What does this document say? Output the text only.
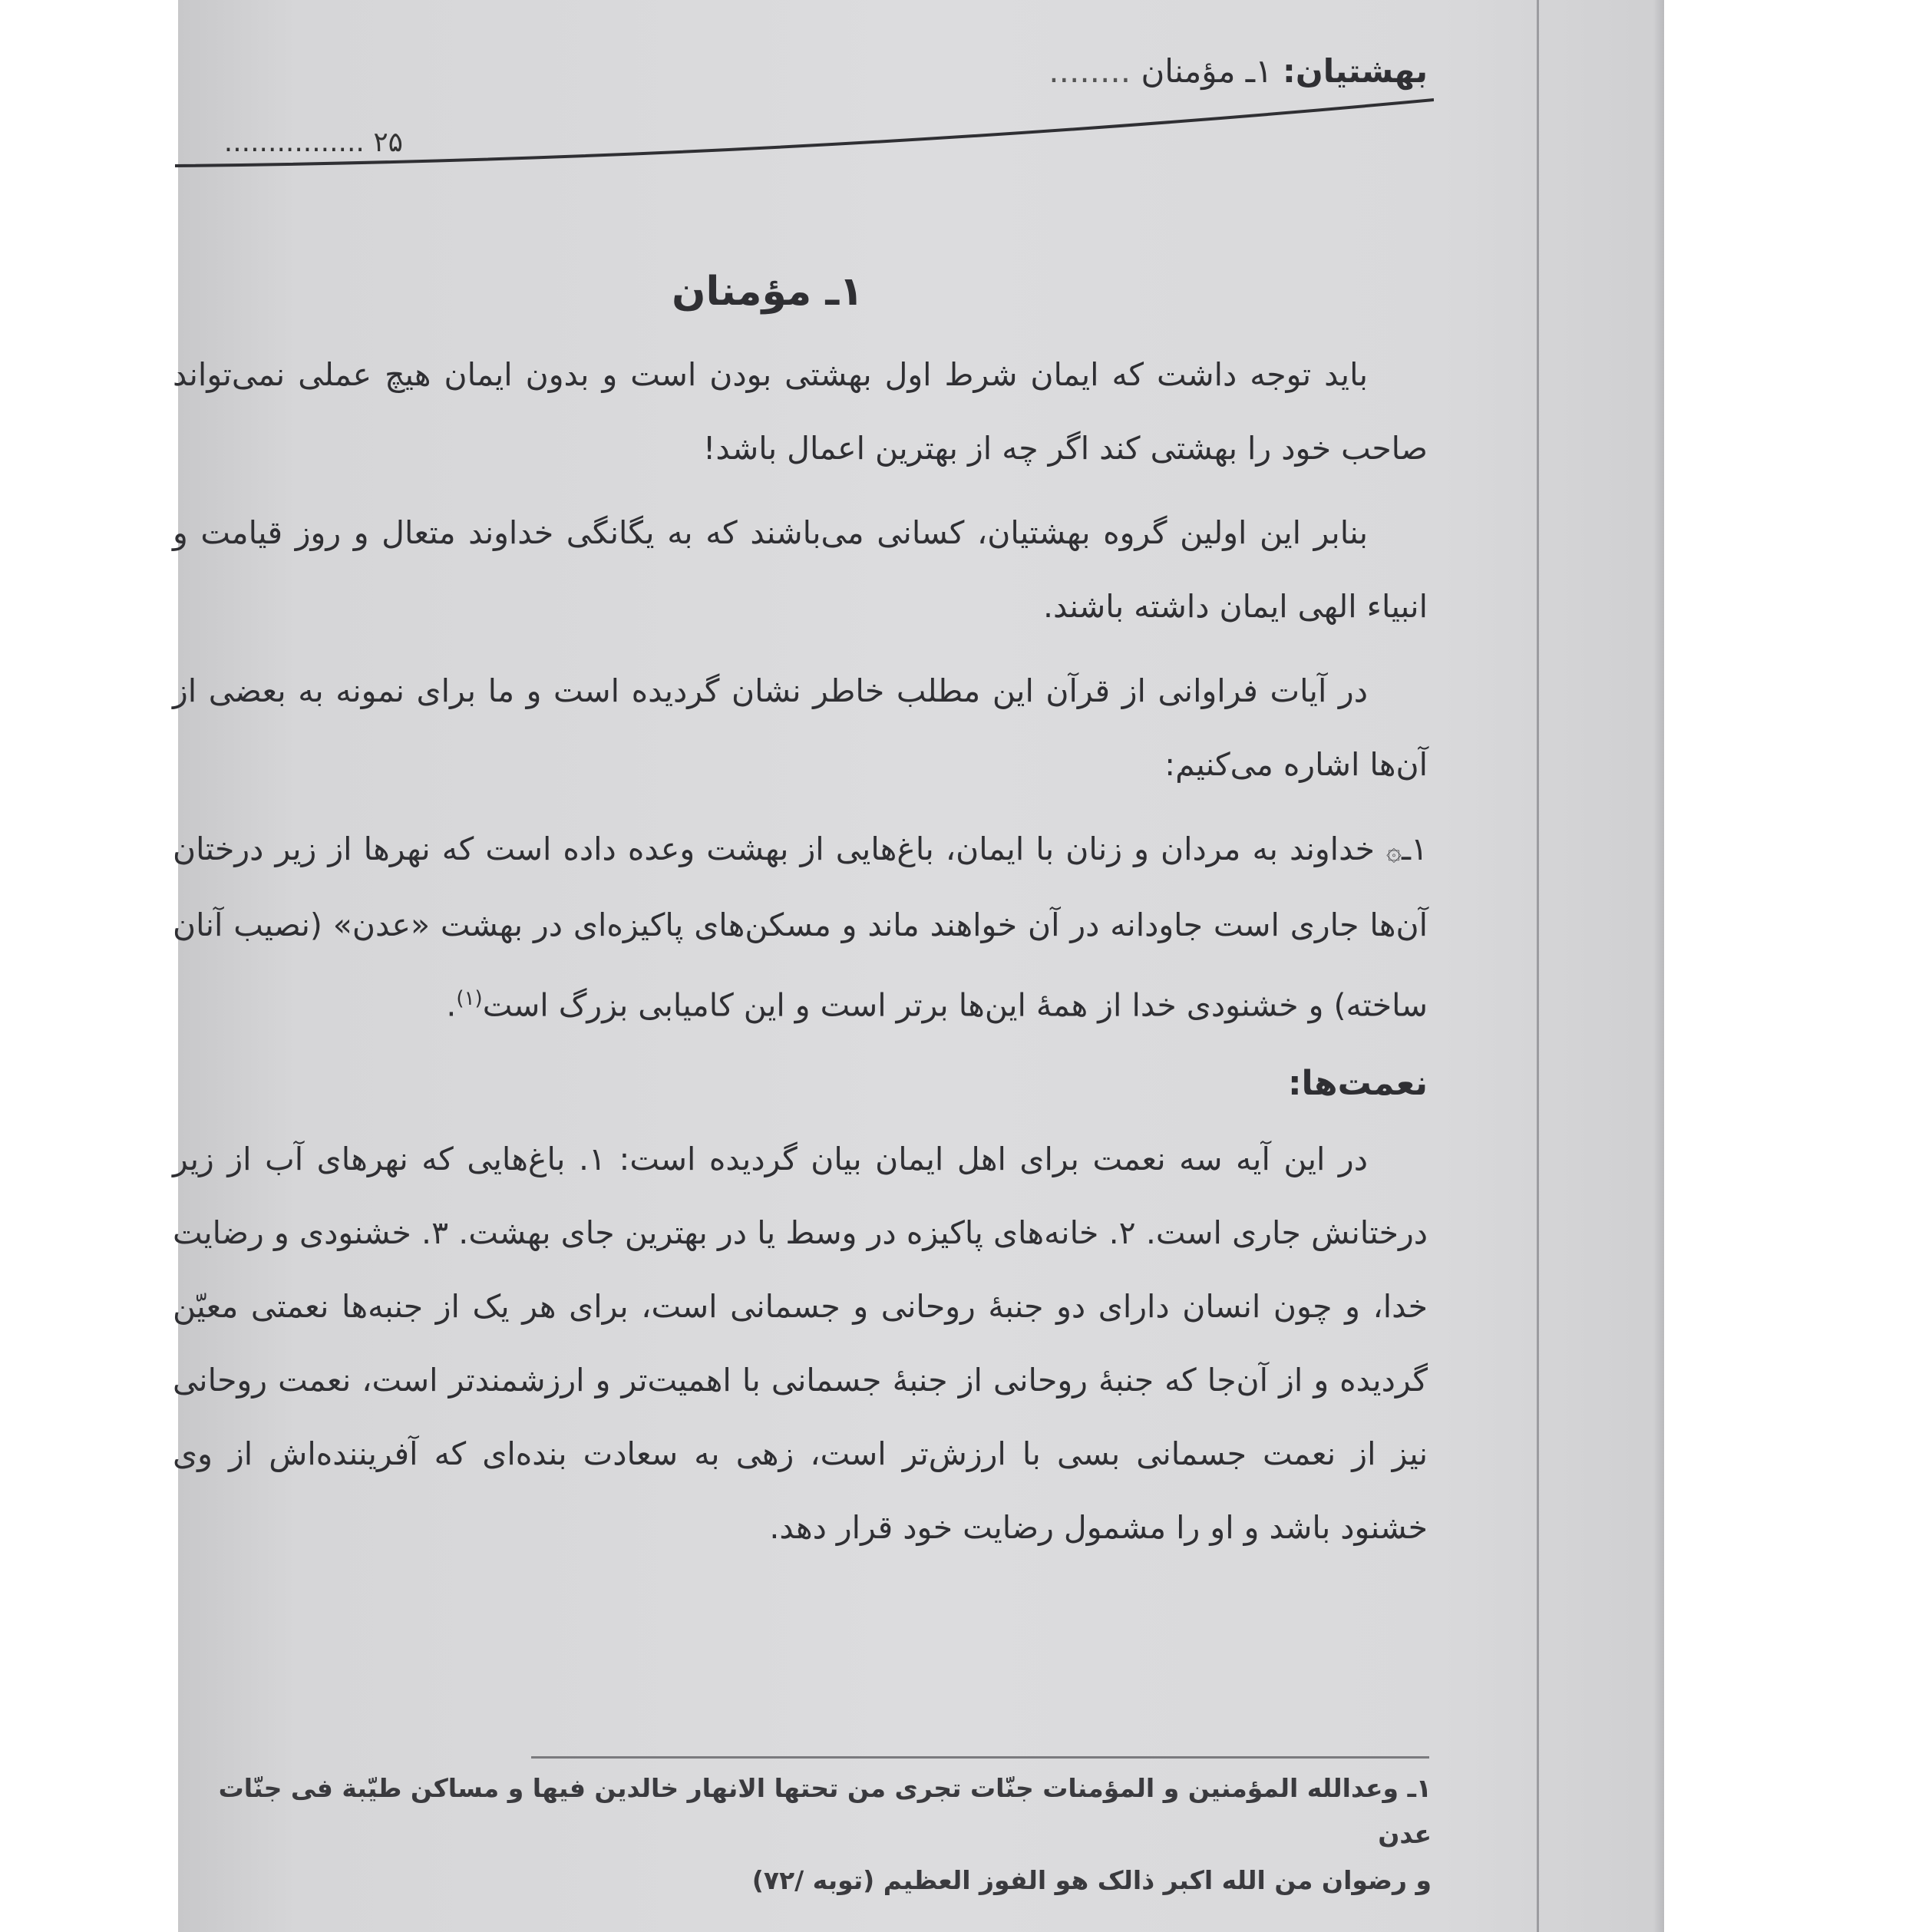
بهشتیان: ۱ـ مؤمنان ........
۲۵ ................
۱ـ مؤمنان

باید توجه داشت که ایمان شرط اول بهشتی بودن است و بدون ایمان هیچ عملی نمی‌تواند صاحب خود را بهشتی کند اگر چه از بهترین اعمال باشد!

بنابر این اولین گروه بهشتیان، کسانی می‌باشند که به یگانگی خداوند متعال و روز قیامت و انبیاء الهی ایمان داشته باشند.

در آیات فراوانی از قرآن این مطلب خاطر نشان گردیده است و ما برای نمونه به بعضی از آن‌ها اشاره می‌کنیم:

۱ـ۞ خداوند به مردان و زنان با ایمان، باغ‌هایی از بهشت وعده داده است که نهرها از زیر درختان آن‌ها جاری است جاودانه در آن خواهند ماند و مسکن‌های پاکیزه‌ای در بهشت «عدن» (نصیب آنان ساخته) و خشنودی خدا از همهٔ این‌ها برتر است و این کامیابی بزرگ است$^{(۱)}$.

نعمت‌ها:

در این آیه سه نعمت برای اهل ایمان بیان گردیده است: ۱. باغ‌هایی که نهرهای آب از زیر درختانش جاری است. ۲. خانه‌های پاکیزه در وسط یا در بهترین جای بهشت. ۳. خشنودی و رضایت خدا، و چون انسان دارای دو جنبهٔ روحانی و جسمانی است، برای هر یک از جنبه‌ها نعمتی معیّن گردیده و از آن‌جا که جنبهٔ روحانی از جنبهٔ جسمانی با اهمیت‌تر و ارزشمندتر است، نعمت روحانی نیز از نعمت جسمانی بسی با ارزش‌تر است، زهی به سعادت بنده‌ای که آفریننده‌اش از وی خشنود باشد و او را مشمول رضایت خود قرار دهد.

۱ـ وعدالله المؤمنین و المؤمنات جنّات تجری من تحتها الانهار خالدین فیها و مساکن طیّبة فی جنّات عدن
و رضوان من الله اکبر ذالک هو الفوز العظیم (توبه /۷۲)
